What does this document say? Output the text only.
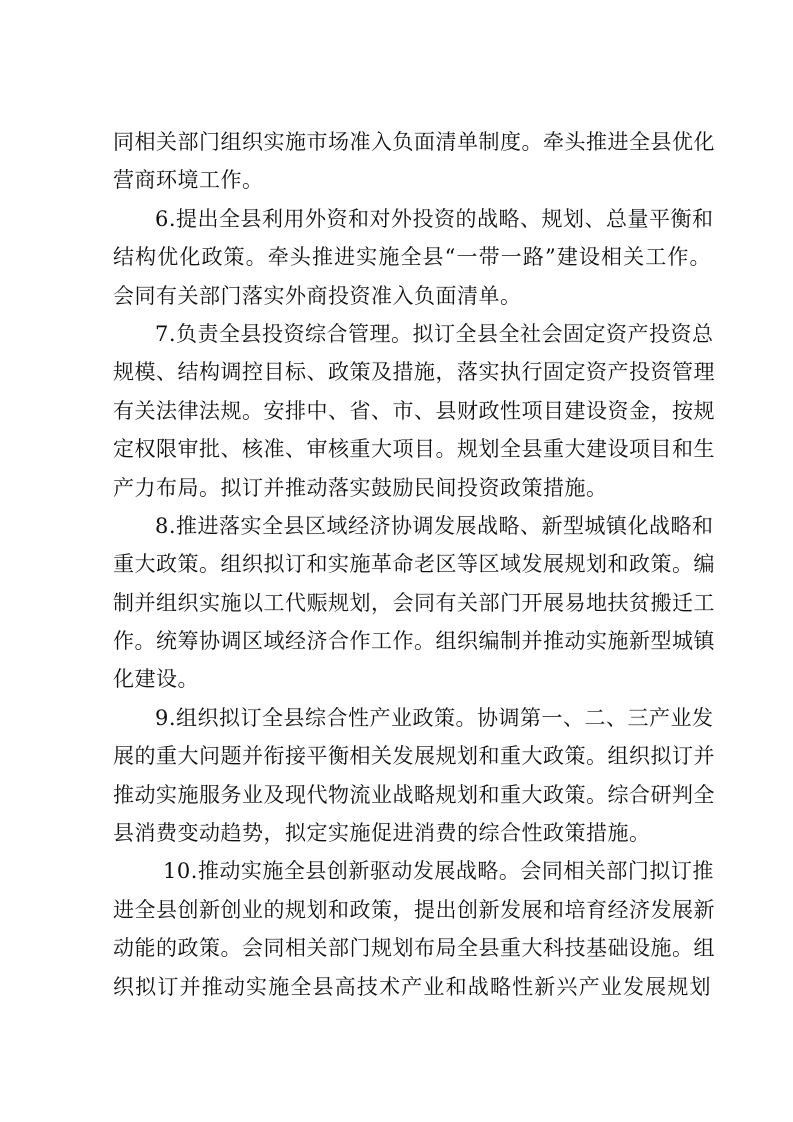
同相关部门组织实施市场准入负面清单制度。牵头推进全县优化
营商环境工作。
6.提出全县利用外资和对外投资的战略、规划、总量平衡和
结构优化政策。牵头推进实施全县“一带一路”建设相关工作。
会同有关部门落实外商投资准入负面清单。
7.负责全县投资综合管理。拟订全县全社会固定资产投资总
规模、结构调控目标、政策及措施，落实执行固定资产投资管理
有关法律法规。安排中、省、市、县财政性项目建设资金，按规
定权限审批、核准、审核重大项目。规划全县重大建设项目和生
产力布局。拟订并推动落实鼓励民间投资政策措施。
8.推进落实全县区域经济协调发展战略、新型城镇化战略和
重大政策。组织拟订和实施革命老区等区域发展规划和政策。编
制并组织实施以工代赈规划，会同有关部门开展易地扶贫搬迁工
作。统筹协调区域经济合作工作。组织编制并推动实施新型城镇
化建设。
9.组织拟订全县综合性产业政策。协调第一、二、三产业发
展的重大问题并衔接平衡相关发展规划和重大政策。组织拟订并
推动实施服务业及现代物流业战略规划和重大政策。综合研判全
县消费变动趋势，拟定实施促进消费的综合性政策措施。
10.推动实施全县创新驱动发展战略。会同相关部门拟订推
进全县创新创业的规划和政策，提出创新发展和培育经济发展新
动能的政策。会同相关部门规划布局全县重大科技基础设施。组
织拟订并推动实施全县高技术产业和战略性新兴产业发展规划
